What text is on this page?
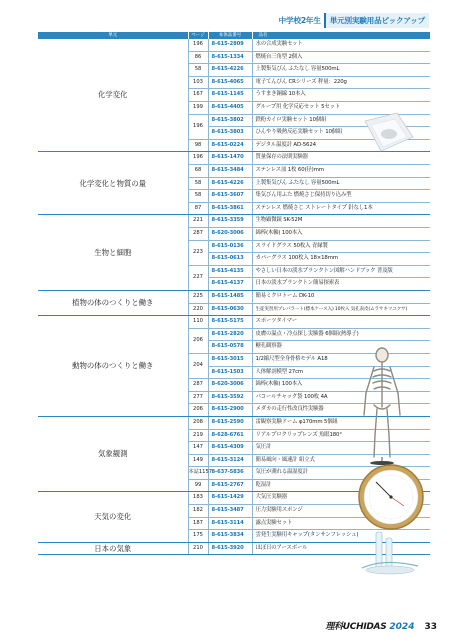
中学校2年生	単元別実験用品ピックアップ
単元	ページ	本体品番号	品名
化学変化	196	8-615-2809	水の合成実験セット
	86	8-615-1334	燃焼台三角型 2個入
	58	8-615-4226	上製集気びん ふたなし 容量500mL
	103	8-615-4065	電子てんびん CRシリーズ 秤量：220g
	167	8-615-1145	うすまき銅線 10本入
	199	8-615-4405	グループ用 化学反応セット 5セット
	196	8-615-3802	鉄粉カイロ実験セット 10個組
		8-615-3803	ひんやり吸熱反応実験セット 10個組
	98	8-615-0224	デジタル温度計 AD-5624
化学変化と物質の量	196	8-615-1470	質量保存の法則実験器
	68	8-615-3484	ステンレス皿 1枚 60(径)mm
	58	8-615-4226	上製集気びん ふたなし 容量500mL
	58	8-615-3607	集気びん用ふた 燃焼さじ保持切り込み型
	87	8-615-3861	ステンレス 燃焼さじ ストレートタイプ 針なし1本
生物と細胞	221	8-615-3359	生物顕微鏡 SK-52M
	287	8-620-3006	綿棒(木軸) 100本入
	223	8-615-0136	スライドグラス 50枚入 青縁製
		8-615-0613	カバーグラス 100枚入 18×18mm
	227	8-615-4135	やさしい日本の淡水プランクトン図解ハンドブック 普及版
		8-615-4137	日本の淡水プランクトン簡易探索表
植物の体のつくりと働き	225	8-615-1485	簡易ミクロトーム DK-10
	220	8-615-0630	生徒実習用プレパラート(標本ケース入) 10枚入 気孔表皮(ムラサキツユクサ)
動物の体のつくりと働き	110	8-615-5175	スポーツタイマー
	206	8-615-2820	皮膚の温点・冷点探し実験器 6個組(熱導子)
		8-615-0578	糖孔観察器
	204	8-615-3015	1/2縮尺型全身骨格モデル A18
		8-615-1503	人体解剖模型 27cm
	287	8-620-3006	綿棒(木軸) 100本入
	277	8-615-3592	パコールチャック袋 100枚 4A
	206	8-615-2900	メダカの走行性改良性実験器
気象観測	208	8-615-2590	雷観察実験ドーム φ170mm 5個組
	219	8-628-6761	リアルプロクリップレンズ 魚眼180°
	147	8-615-4309	気圧計
	149	8-615-3124	簡易風向・風速計 組立式
	本誌1157	8-637-5836	気圧が測れる温湿度計
	99	8-615-2767	乾湿計
天気の変化	183	8-615-1429	大気圧実験器
	182	8-615-3487	圧力実験用スポンジ
	187	8-615-3114	露点実験セット
	175	8-615-3834	雲発生実験用キャップ(タンサンフレッシュ)
日本の気象	210	8-615-3920	ほぼ日のアースボール
理科UCHIDAS 2024 33
